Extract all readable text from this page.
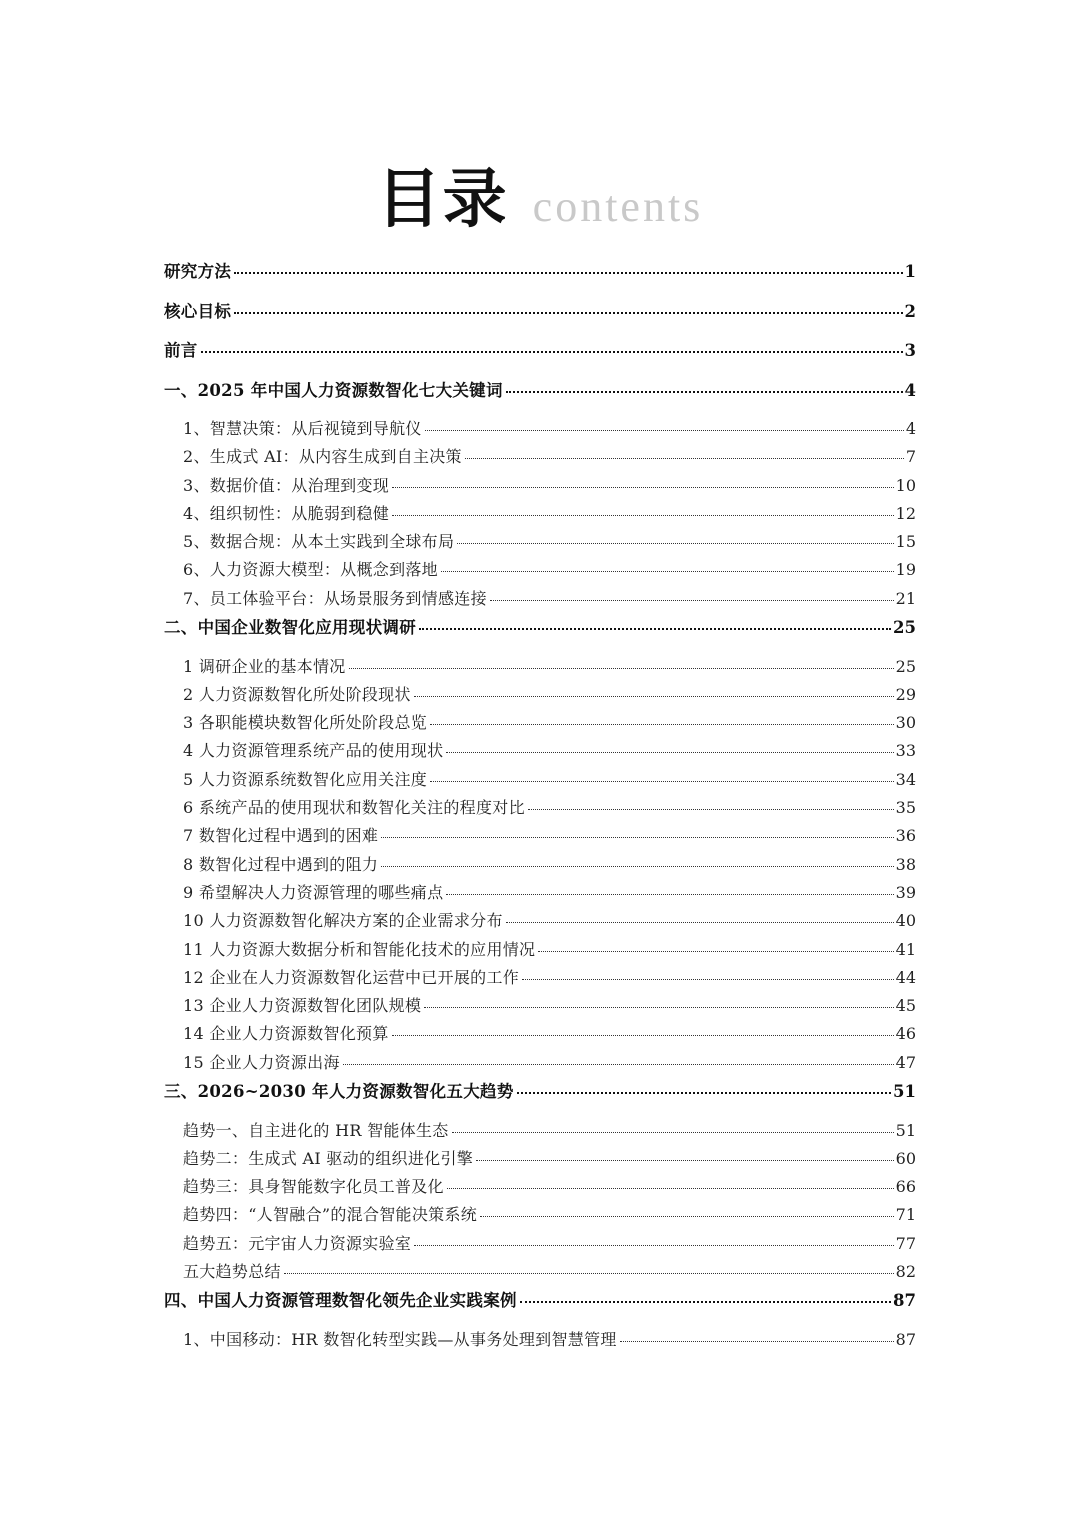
目录 contents
研究方法	1
核心目标	2
前言	3
一、2025 年中国人力资源数智化七大关键词	4
1、智慧决策：从后视镜到导航仪	4
2、生成式 AI：从内容生成到自主决策	7
3、数据价值：从治理到变现	10
4、组织韧性：从脆弱到稳健	12
5、数据合规：从本土实践到全球布局	15
6、人力资源大模型：从概念到落地	19
7、员工体验平台：从场景服务到情感连接	21
二、中国企业数智化应用现状调研	25
1 调研企业的基本情况	25
2 人力资源数智化所处阶段现状	29
3 各职能模块数智化所处阶段总览	30
4 人力资源管理系统产品的使用现状	33
5 人力资源系统数智化应用关注度	34
6 系统产品的使用现状和数智化关注的程度对比	35
7 数智化过程中遇到的困难	36
8 数智化过程中遇到的阻力	38
9 希望解决人力资源管理的哪些痛点	39
10 人力资源数智化解决方案的企业需求分布	40
11 人力资源大数据分析和智能化技术的应用情况	41
12 企业在人力资源数智化运营中已开展的工作	44
13 企业人力资源数智化团队规模	45
14 企业人力资源数智化预算	46
15 企业人力资源出海	47
三、2026~2030 年人力资源数智化五大趋势	51
趋势一、自主进化的 HR 智能体生态	51
趋势二：生成式 AI 驱动的组织进化引擎	60
趋势三：具身智能数字化员工普及化	66
趋势四：“人智融合”的混合智能决策系统	71
趋势五：元宇宙人力资源实验室	77
五大趋势总结	82
四、中国人力资源管理数智化领先企业实践案例	87
1、中国移动：HR 数智化转型实践—从事务处理到智慧管理	87
